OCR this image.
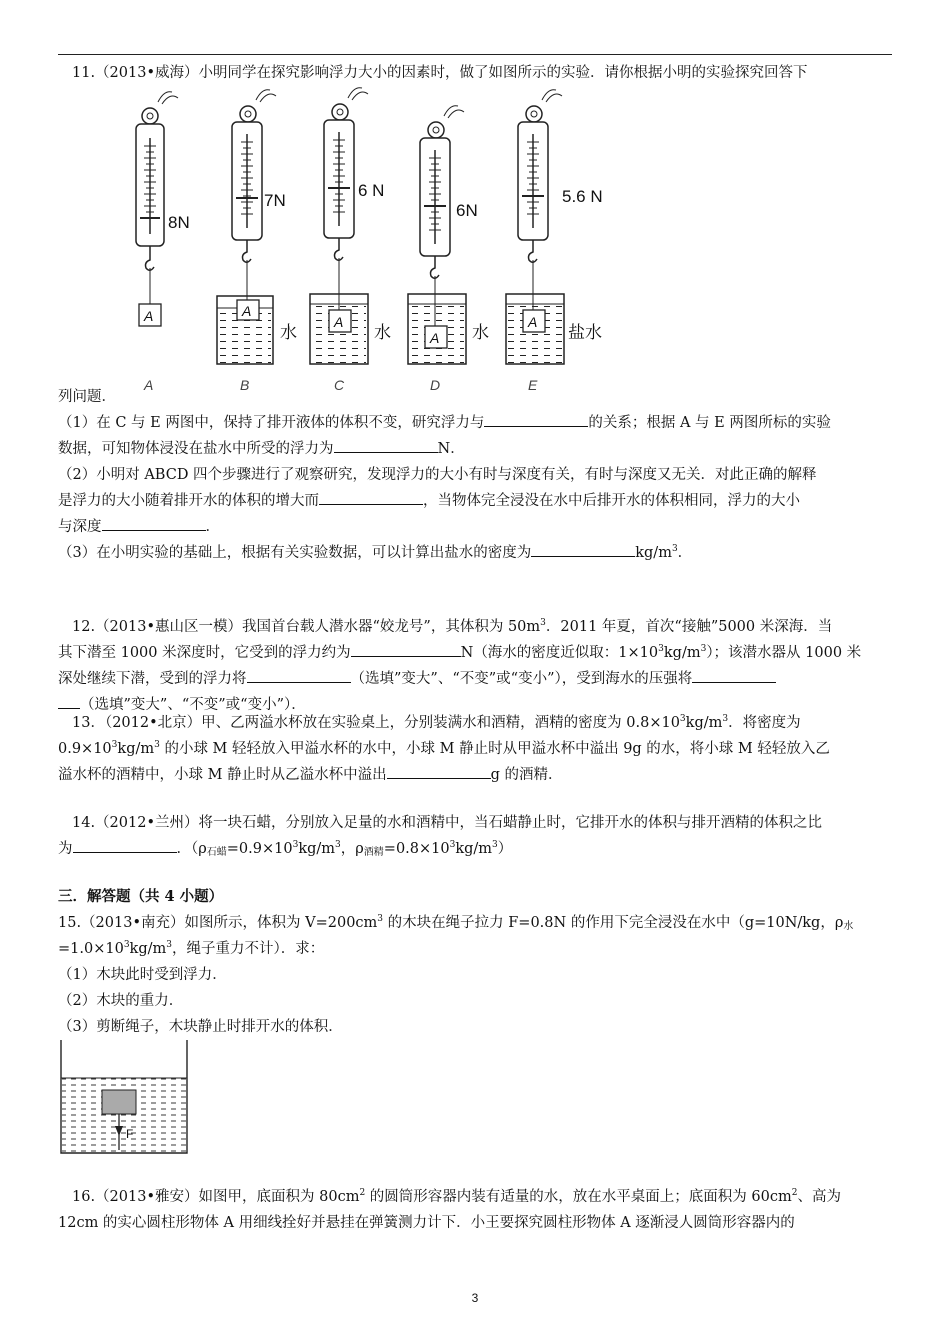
11.（2013•威海）小明同学在探究影响浮力大小的因素时，做了如图所示的实验．请你根据小明的实验探究回答下
8N
A
A
7N
A
水
B
6 N
A
水
C
6N
A 水
D
5.6 N
A
盐水
E
列问题．
（1）在 C 与 E 两图中，保持了排开液体的体积不变，研究浮力与	的关系；根据 A 与 E 两图所标的实验
数据，可知物体浸没在盐水中所受的浮力为	N．
（2）小明对 ABCD 四个步骤进行了观察研究，发现浮力的大小有时与深度有关，有时与深度又无关．对此正确的解释
是浮力的大小随着排开水的体积的增大而	，当物体完全浸没在水中后排开水的体积相同，浮力的大小
与深度	．
（3）在小明实验的基础上，根据有关实验数据，可以计算出盐水的密度为	$kg/m^3$．
12.（2013•惠山区一模）我国首台载人潜水器“姣龙号”，其体积为 $50m^3$．2011 年夏，首次“接触”5000 米深海．当
其下潜至 1000 米深度时，它受到的浮力约为	N（海水的密度近似取：$1\times 10^3kg/m^3$）；该潜水器从 1000 米
深处继续下潜，受到的浮力将	（选填”变大”、“不变”或“变小”），受到海水的压强将
（选填”变大”、“不变”或“变小”）．
13．（2012•北京）甲、乙两溢水杯放在实验桌上，分别装满水和酒精，酒精的密度为 $0.8\times 10^3kg/m^3$．将密度为
$0.9\times 10^3kg/m^3$ 的小球 M 轻轻放入甲溢水杯的水中，小球 M 静止时从甲溢水杯中溢出 9g 的水，将小球 M 轻轻放入乙
溢水杯的酒精中，小球 M 静止时从乙溢水杯中溢出	g 的酒精．
14.（2012•兰州）将一块石蜡，分别放入足量的水和酒精中，当石蜡静止时，它排开水的体积与排开酒精的体积之比
为	．（$\rho_{石蜡}=0.9\times 10^3kg/m^3$，$\rho_{酒精}=0.8\times 10^3kg/m^3$）
三．解答题（共 4 小题）
15.（2013•南充）如图所示，体积为 $V=200cm^3$ 的木块在绳子拉力 F=0.8N 的作用下完全浸没在水中（g=10N/kg，$\rho_水$
$=1.0\times 10^3kg/m^3$，绳子重力不计）．求：
（1）木块此时受到浮力．
（2）木块的重力．
（3）剪断绳子，木块静止时排开水的体积．
F
16.（2013•雅安）如图甲，底面积为 $80cm^2$ 的圆筒形容器内装有适量的水，放在水平桌面上；底面积为 $60cm^2$、高为
12cm 的实心圆柱形物体 A 用细线拴好并悬挂在弹簧测力计下．小王要探究圆柱形物体 A 逐渐浸人圆筒形容器内的
3
